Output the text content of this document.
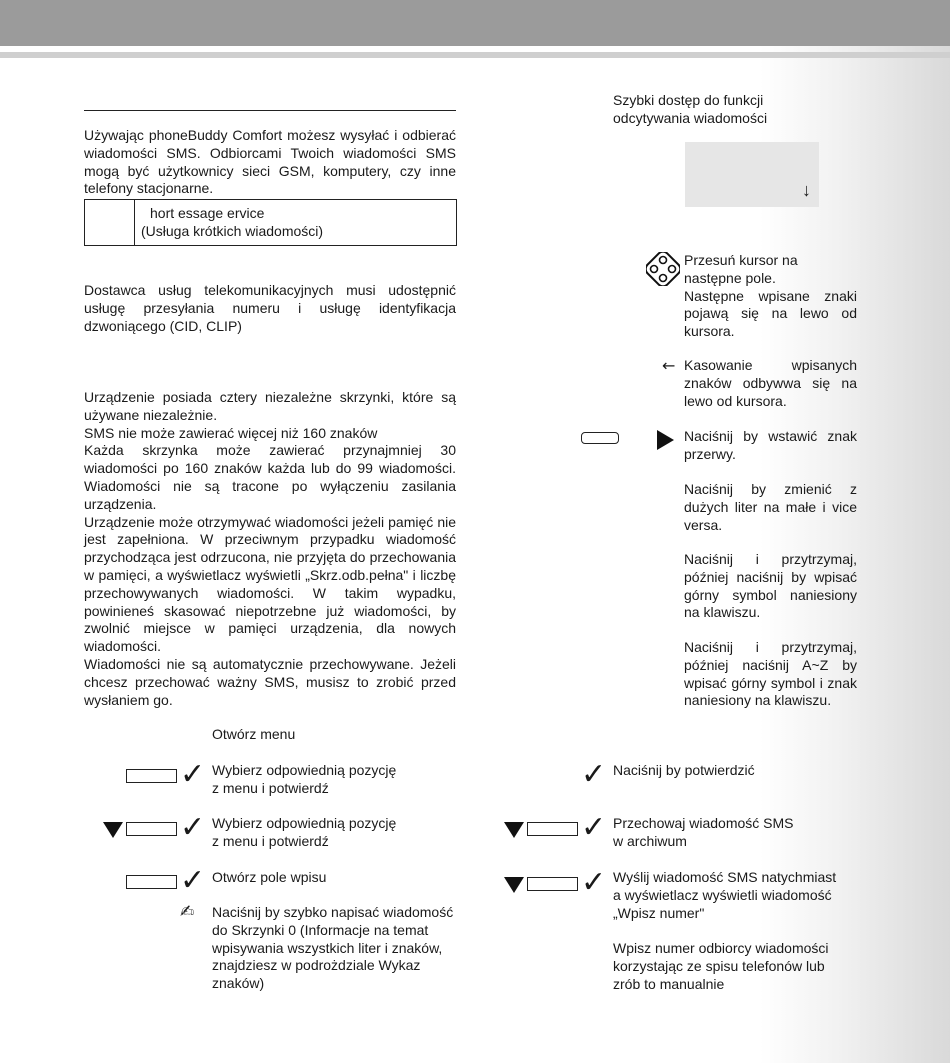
Używając phoneBuddy Comfort możesz wysyłać i odbierać wiadomości SMS. Odbiorcami Twoich wiadomości SMS mogą być użytkownicy sieci GSM, komputery, czy inne telefony stacjonarne.

hort essage ervice
(Usługa krótkich wiadomości)

Dostawca usług telekomunikacyjnych musi udostępnić usługę przesyłania numeru i usługę identyfikacja dzwoniącego (CID, CLIP)

Urządzenie posiada cztery niezależne skrzynki, które są używane niezależnie.

SMS nie może zawierać więcej niż 160 znaków

Każda skrzynka może zawierać przynajmniej 30 wiadomości po 160 znaków każda lub do 99 wiadomości. Wiadomości nie są tracone po wyłączeniu zasilania urządzenia.

Urządzenie może otrzymywać wiadomości jeżeli pamięć nie jest zapełniona. W przeciwnym przypadku wiadomość przychodząca jest odrzucona, nie przyjęta do przechowania w pamięci, a wyświetlacz wyświetli „Skrz.odb.pełna" i liczbę przechowywanych wiadomości. W takim wypadku, powinieneś skasować niepotrzebne już wiadomości, by zwolnić miejsce w pamięci urządzenia, dla nowych wiadomości.

Wiadomości nie są automatycznie przechowywane. Jeżeli chcesz przechować ważny SMS, musisz to zrobić przed wysłaniem go.

Otwórz menu
✓ Wybierz odpowiednią pozycję
z menu i potwierdź
✓ Wybierz odpowiednią pozycję
z menu i potwierdź
✓ Otwórz pole wpisu
✍ Naciśnij by szybko napisać wiadomość do Skrzynki 0 (Informacje na temat wpisywania wszystkich liter i znaków, znajdziesz w podrożdziale Wykaz znaków)
Szybki dostęp do funkcji
odcytywania wiadomości
↓
Przesuń kursor na
następne pole.
Następne wpisane znaki pojawą się na lewo od kursora.
← Kasowanie wpisanych znaków odbywwa się na lewo od kursora.
Naciśnij by wstawić znak przerwy.
Naciśnij by zmienić z dużych liter na małe i vice versa.
Naciśnij i przytrzymaj, później naciśnij by wpisać górny symbol naniesiony na klawiszu.
Naciśnij i przytrzymaj, później naciśnij A~Z by wpisać górny symbol i znak naniesiony na klawiszu.
✓ Naciśnij by potwierdzić
✓ Przechowaj wiadomość SMS
w archiwum
✓ Wyślij wiadomość SMS natychmiast
a wyświetlacz wyświetli wiadomość
„Wpisz numer"
Wpisz numer odbiorcy wiadomości korzystając ze spisu telefonów lub zrób to manualnie
